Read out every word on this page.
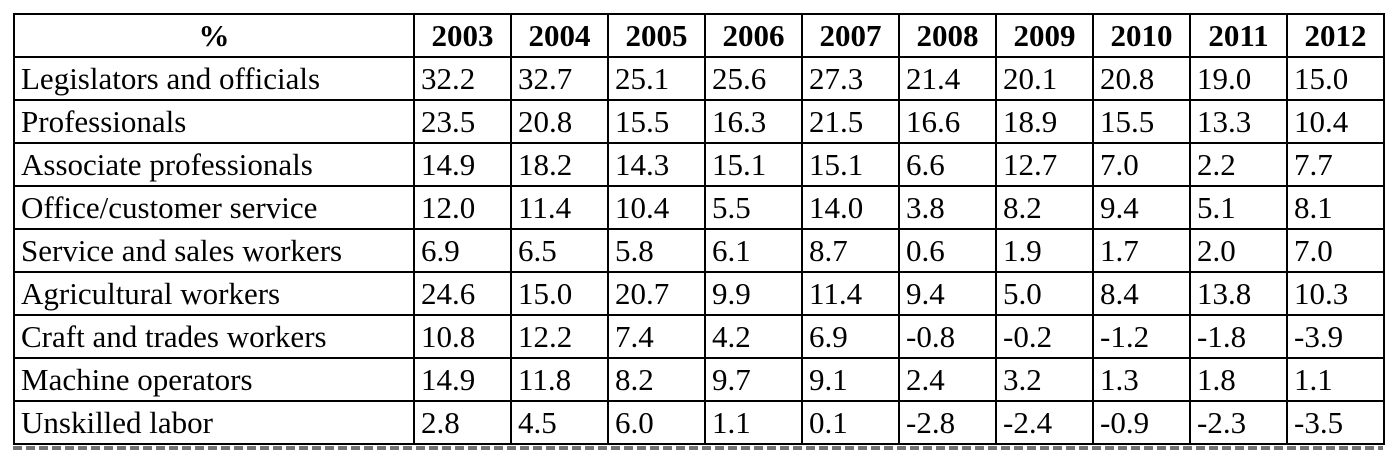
%	2003	2004	2005	2006	2007	2008	2009	2010	2011	2012
Legislators and officials	32.2	32.7	25.1	25.6	27.3	21.4	20.1	20.8	19.0	15.0
Professionals	23.5	20.8	15.5	16.3	21.5	16.6	18.9	15.5	13.3	10.4
Associate professionals	14.9	18.2	14.3	15.1	15.1	6.6	12.7	7.0	2.2	7.7
Office/customer service	12.0	11.4	10.4	5.5	14.0	3.8	8.2	9.4	5.1	8.1
Service and sales workers	6.9	6.5	5.8	6.1	8.7	0.6	1.9	1.7	2.0	7.0
Agricultural workers	24.6	15.0	20.7	9.9	11.4	9.4	5.0	8.4	13.8	10.3
Craft and trades workers	10.8	12.2	7.4	4.2	6.9	-0.8	-0.2	-1.2	-1.8	-3.9
Machine operators	14.9	11.8	8.2	9.7	9.1	2.4	3.2	1.3	1.8	1.1
Unskilled labor	2.8	4.5	6.0	1.1	0.1	-2.8	-2.4	-0.9	-2.3	-3.5
